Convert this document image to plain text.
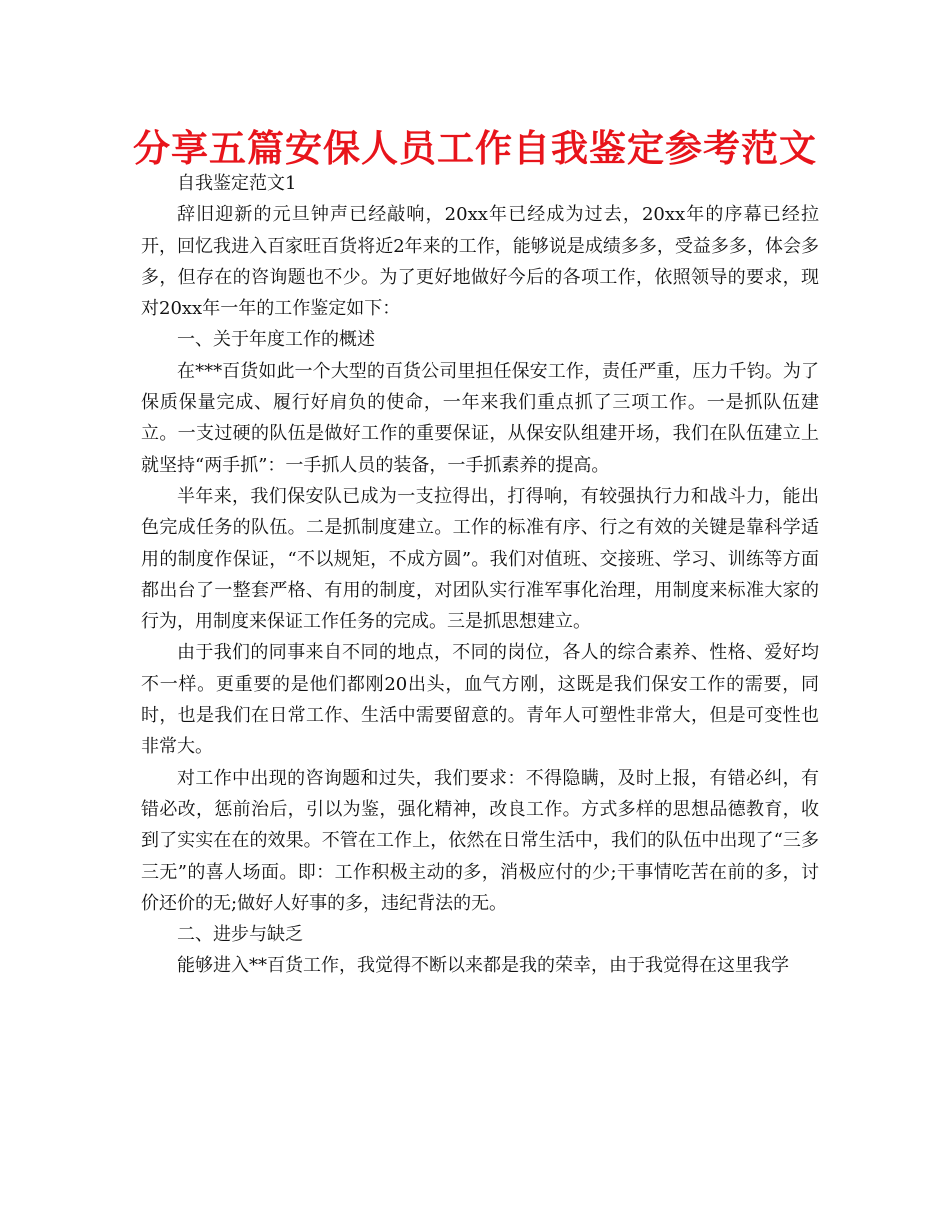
分享五篇安保人员工作自我鉴定参考范文

自我鉴定范文1

辞旧迎新的元旦钟声已经敲响，20xx年已经成为过去，20xx年的序幕已经拉开，回忆我进入百家旺百货将近2年来的工作，能够说是成绩多多，受益多多，体会多多，但存在的咨询题也不少。为了更好地做好今后的各项工作，依照领导的要求，现对20xx年一年的工作鉴定如下：

一、关于年度工作的概述

在***百货如此一个大型的百货公司里担任保安工作，责任严重，压力千钧。为了保质保量完成、履行好肩负的使命，一年来我们重点抓了三项工作。一是抓队伍建立。一支过硬的队伍是做好工作的重要保证，从保安队组建开场，我们在队伍建立上就坚持“两手抓”：一手抓人员的装备，一手抓素养的提高。

半年来，我们保安队已成为一支拉得出，打得响，有较强执行力和战斗力，能出色完成任务的队伍。二是抓制度建立。工作的标准有序、行之有效的关键是靠科学适用的制度作保证，“不以规矩，不成方圆”。我们对值班、交接班、学习、训练等方面都出台了一整套严格、有用的制度，对团队实行准军事化治理，用制度来标准大家的行为，用制度来保证工作任务的完成。三是抓思想建立。

由于我们的同事来自不同的地点，不同的岗位，各人的综合素养、性格、爱好均不一样。更重要的是他们都刚20出头，血气方刚，这既是我们保安工作的需要，同时，也是我们在日常工作、生活中需要留意的。青年人可塑性非常大，但是可变性也非常大。

对工作中出现的咨询题和过失，我们要求：不得隐瞒，及时上报，有错必纠，有错必改，惩前治后，引以为鉴，强化精神，改良工作。方式多样的思想品德教育，收到了实实在在的效果。不管在工作上，依然在日常生活中，我们的队伍中出现了“三多三无”的喜人场面。即：工作积极主动的多，消极应付的少;干事情吃苦在前的多，讨价还价的无;做好人好事的多，违纪背法的无。

二、进步与缺乏

能够进入**百货工作，我觉得不断以来都是我的荣幸，由于我觉得在这里我学
